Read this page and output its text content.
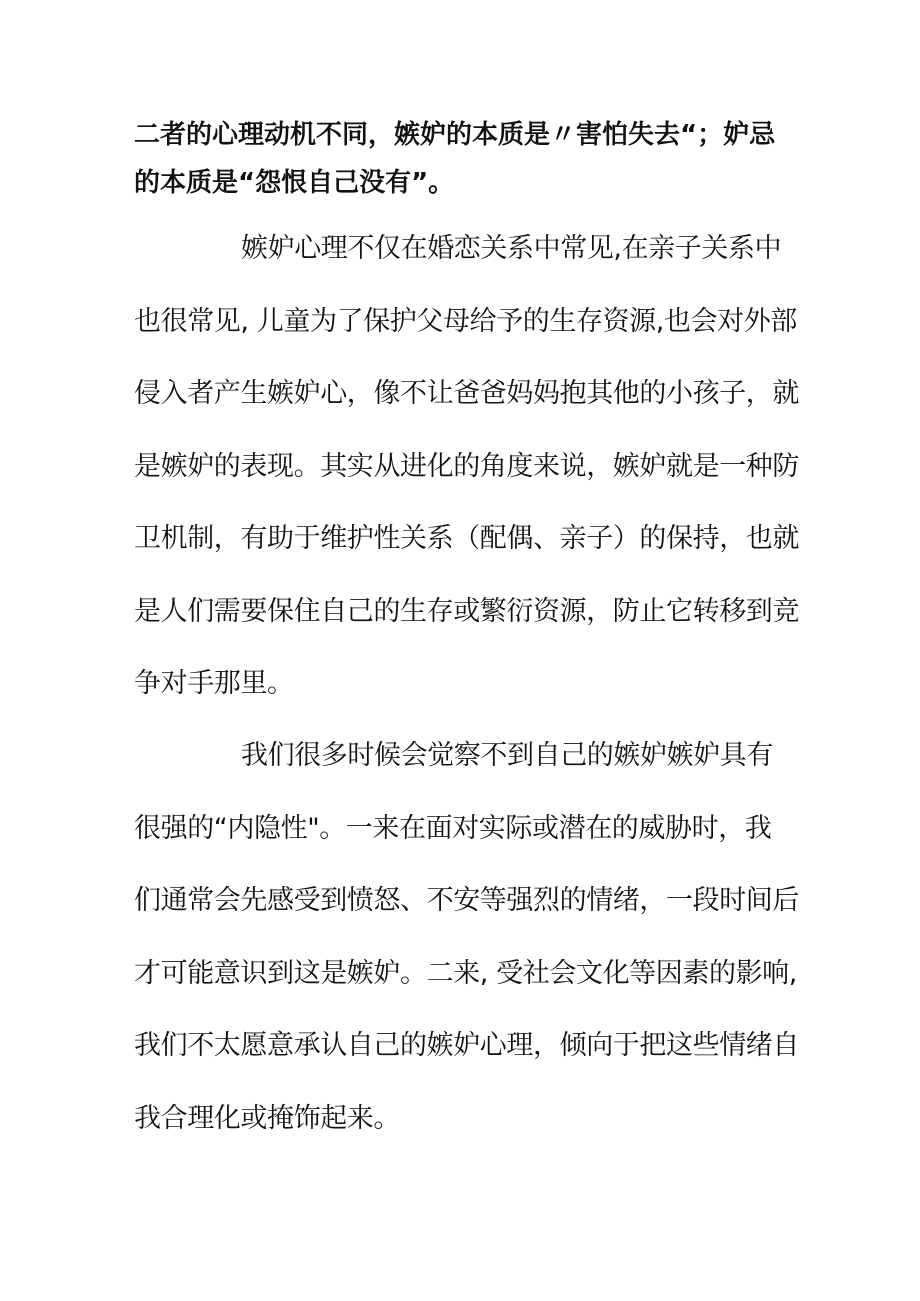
二者的心理动机不同，嫉妒的本质是〃害怕失去“；妒忌
的本质是“怨恨自己没有”。
嫉妒心理不仅在婚恋关系中常见,在亲子关系中
也很常见, 儿童为了保护父母给予的生存资源,也会对外部
侵入者产生嫉妒心，像不让爸爸妈妈抱其他的小孩子，就
是嫉妒的表现。其实从进化的角度来说，嫉妒就是一种防
卫机制，有助于维护性关系（配偶、亲子）的保持，也就
是人们需要保住自己的生存或繁衍资源，防止它转移到竞
争对手那里。
我们很多时候会觉察不到自己的嫉妒嫉妒具有
很强的“内隐性"。一来在面对实际或潜在的威胁时，我
们通常会先感受到愤怒、不安等强烈的情绪，一段时间后
才可能意识到这是嫉妒。二来, 受社会文化等因素的影响,
我们不太愿意承认自己的嫉妒心理，倾向于把这些情绪自
我合理化或掩饰起来。
